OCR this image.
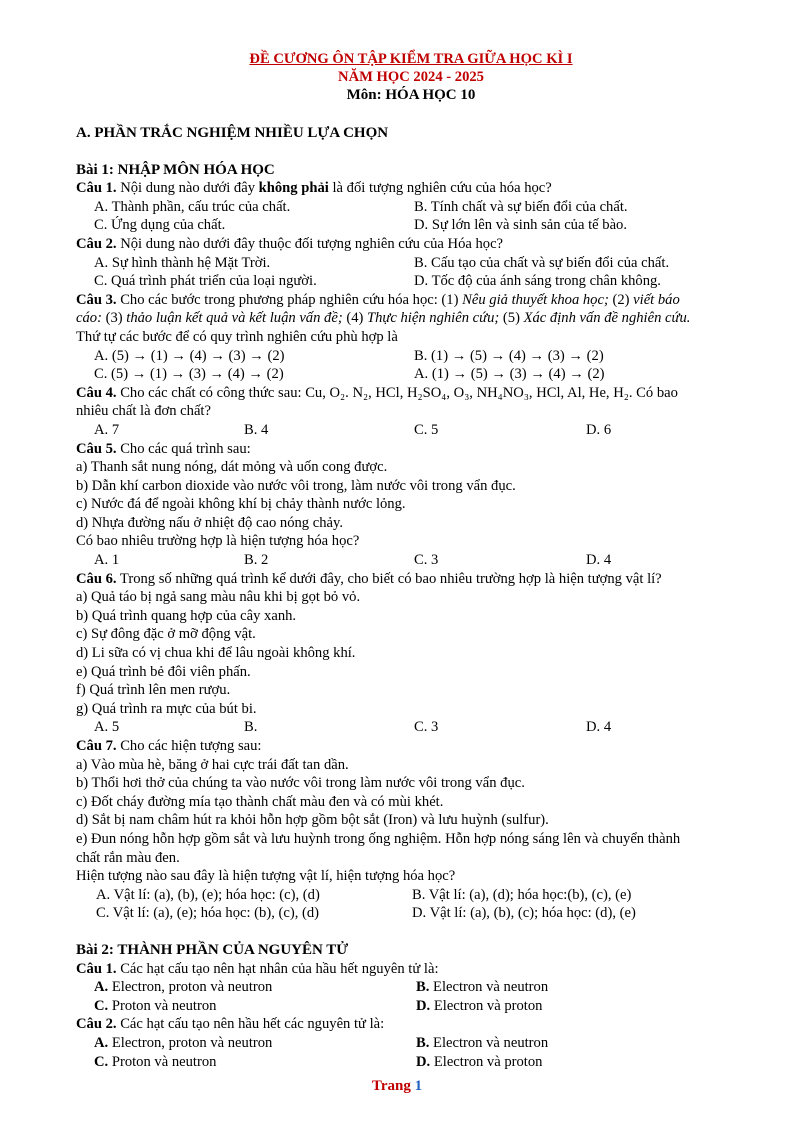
ĐỀ CƯƠNG ÔN TẬP KIỂM TRA GIỮA HỌC KÌ I
NĂM HỌC 2024 - 2025
Môn: HÓA HỌC 10
A. PHẦN TRẮC NGHIỆM NHIỀU LỰA CHỌN
Bài 1: NHẬP MÔN HÓA HỌC
Câu 1. Nội dung nào dưới đây không phải là đối tượng nghiên cứu của hóa học?
A. Thành phần, cấu trúc của chất.	B. Tính chất và sự biến đổi của chất.
C. Ứng dụng của chất.	D. Sự lớn lên và sinh sản của tế bào.
Câu 2. Nội dung nào dưới đây thuộc đối tượng nghiên cứu của Hóa học?
A. Sự hình thành hệ Mặt Trời.	B. Cấu tạo của chất và sự biến đổi của chất.
C. Quá trình phát triển của loại người.	D. Tốc độ của ánh sáng trong chân không.
Câu 3. Cho các bước trong phương pháp nghiên cứu hóa học: (1) Nêu giả thuyết khoa học; (2) viết báo
cáo: (3) thảo luận kết quả và kết luận vấn đề; (4) Thực hiện nghiên cứu; (5) Xác định vấn đề nghiên cứu.
Thứ tự các bước để có quy trình nghiên cứu phù hợp là
A. (5) → (1) → (4) → (3) → (2)	B. (1) → (5) → (4) → (3) → (2)
C. (5) → (1) → (3) → (4) → (2)	A. (1) → (5) → (3) → (4) → (2)
Câu 4. Cho các chất có công thức sau: Cu, O₂. N₂, HCl, H₂SO₄, O₃, NH₄NO₃, HCl, Al, He, H₂. Có bao
nhiêu chất là đơn chất?
A. 7	B. 4	C. 5	D. 6
Câu 5. Cho các quá trình sau:
a) Thanh sắt nung nóng, dát mỏng và uốn cong được.
b) Dẫn khí carbon dioxide vào nước vôi trong, làm nước vôi trong vẩn đục.
c) Nước đá để ngoài không khí bị chảy thành nước lỏng.
d) Nhựa đường nấu ở nhiệt độ cao nóng chảy.
Có bao nhiêu trường hợp là hiện tượng hóa học?
A. 1	B. 2	C. 3	D. 4
Câu 6. Trong số những quá trình kể dưới đây, cho biết có bao nhiêu trường hợp là hiện tượng vật lí?
a) Quả táo bị ngả sang màu nâu khi bị gọt bỏ vỏ.
b) Quá trình quang hợp của cây xanh.
c) Sự đông đặc ở mỡ động vật.
d) Li sữa có vị chua khi để lâu ngoài không khí.
e) Quá trình bẻ đôi viên phấn.
f) Quá trình lên men rượu.
g) Quá trình ra mực của bút bi.
A. 5	B.	C. 3	D. 4
Câu 7. Cho các hiện tượng sau:
a) Vào mùa hè, băng ở hai cực trái đất tan dần.
b) Thổi hơi thở của chúng ta vào nước vôi trong làm nước vôi trong vẩn đục.
c) Đốt cháy đường mía tạo thành chất màu đen và có mùi khét.
d) Sắt bị nam châm hút ra khỏi hỗn hợp gồm bột sắt (Iron) và lưu huỳnh (sulfur).
e) Đun nóng hỗn hợp gồm sắt và lưu huỳnh trong ống nghiệm. Hỗn hợp nóng sáng lên và chuyển thành
chất rắn màu đen.
Hiện tượng nào sau đây là hiện tượng vật lí, hiện tượng hóa học?
A. Vật lí: (a), (b), (e); hóa học: (c), (d)	B. Vật lí: (a), (d); hóa học:(b), (c), (e)
C. Vật lí: (a), (e); hóa học: (b), (c), (d)	D. Vật lí: (a), (b), (c); hóa học: (d), (e)
Bài 2: THÀNH PHẦN CỦA NGUYÊN TỬ
Câu 1. Các hạt cấu tạo nên hạt nhân của hầu hết nguyên tử là:
A. Electron, proton và neutron	B. Electron và neutron
C. Proton và neutron	D. Electron và proton
Câu 2. Các hạt cấu tạo nên hầu hết các nguyên tử là:
A. Electron, proton và neutron	B. Electron và neutron
C. Proton và neutron	D. Electron và proton
Trang 1
